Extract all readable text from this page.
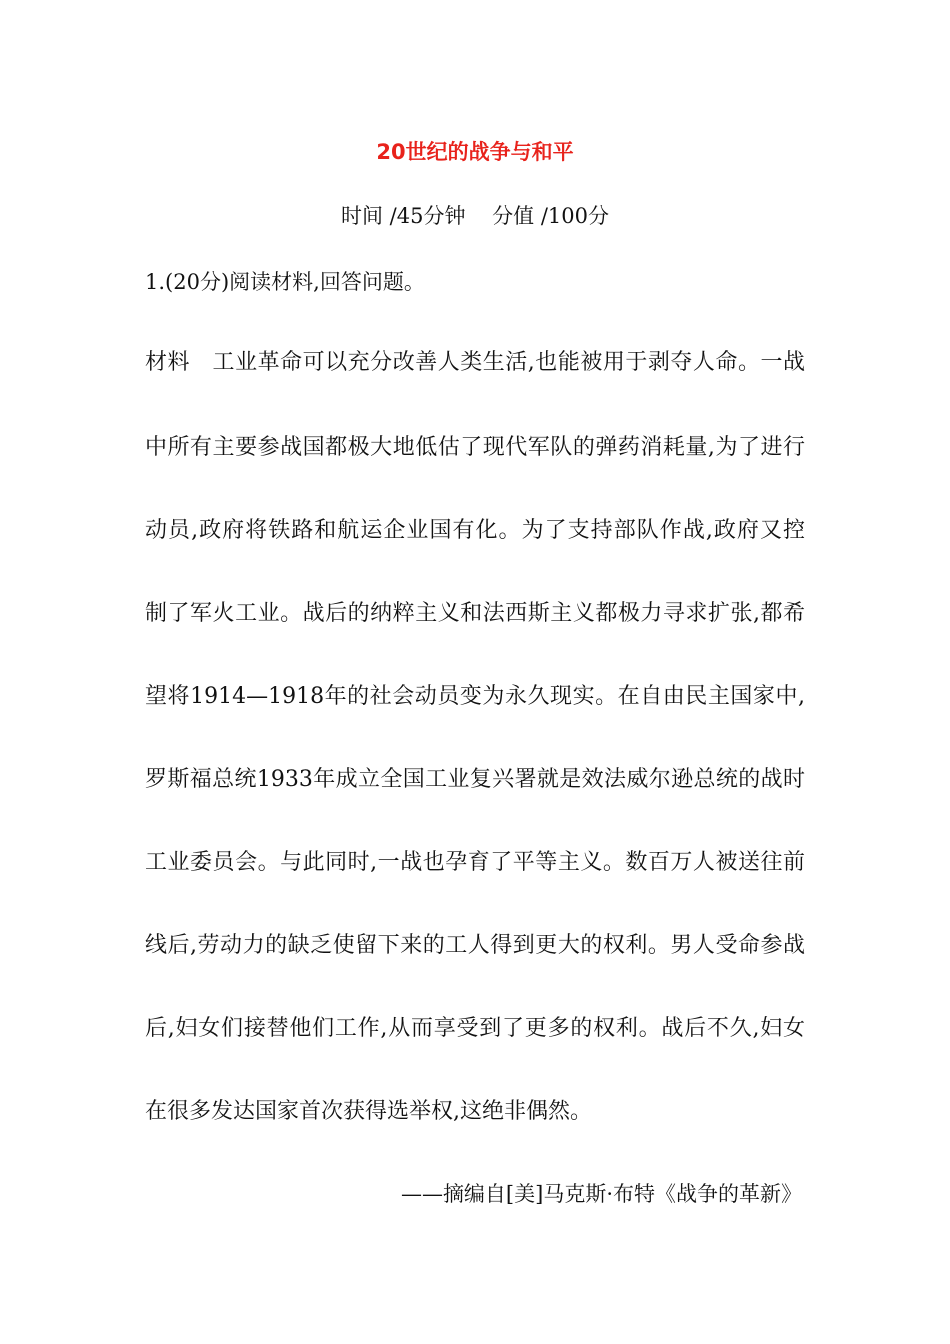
20世纪的战争与和平
时间 /45分钟    分值 /100分
1.(20分)阅读材料,回答问题。
材料　工业革命可以充分改善人类生活,也能被用于剥夺人命。一战
中所有主要参战国都极大地低估了现代军队的弹药消耗量,为了进行
动员,政府将铁路和航运企业国有化。为了支持部队作战,政府又控
制了军火工业。战后的纳粹主义和法西斯主义都极力寻求扩张,都希
望将1914—1918年的社会动员变为永久现实。在自由民主国家中,
罗斯福总统1933年成立全国工业复兴署就是效法威尔逊总统的战时
工业委员会。与此同时,一战也孕育了平等主义。数百万人被送往前
线后,劳动力的缺乏使留下来的工人得到更大的权利。男人受命参战
后,妇女们接替他们工作,从而享受到了更多的权利。战后不久,妇女
在很多发达国家首次获得选举权,这绝非偶然。
——摘编自[美]马克斯·布特《战争的革新》
